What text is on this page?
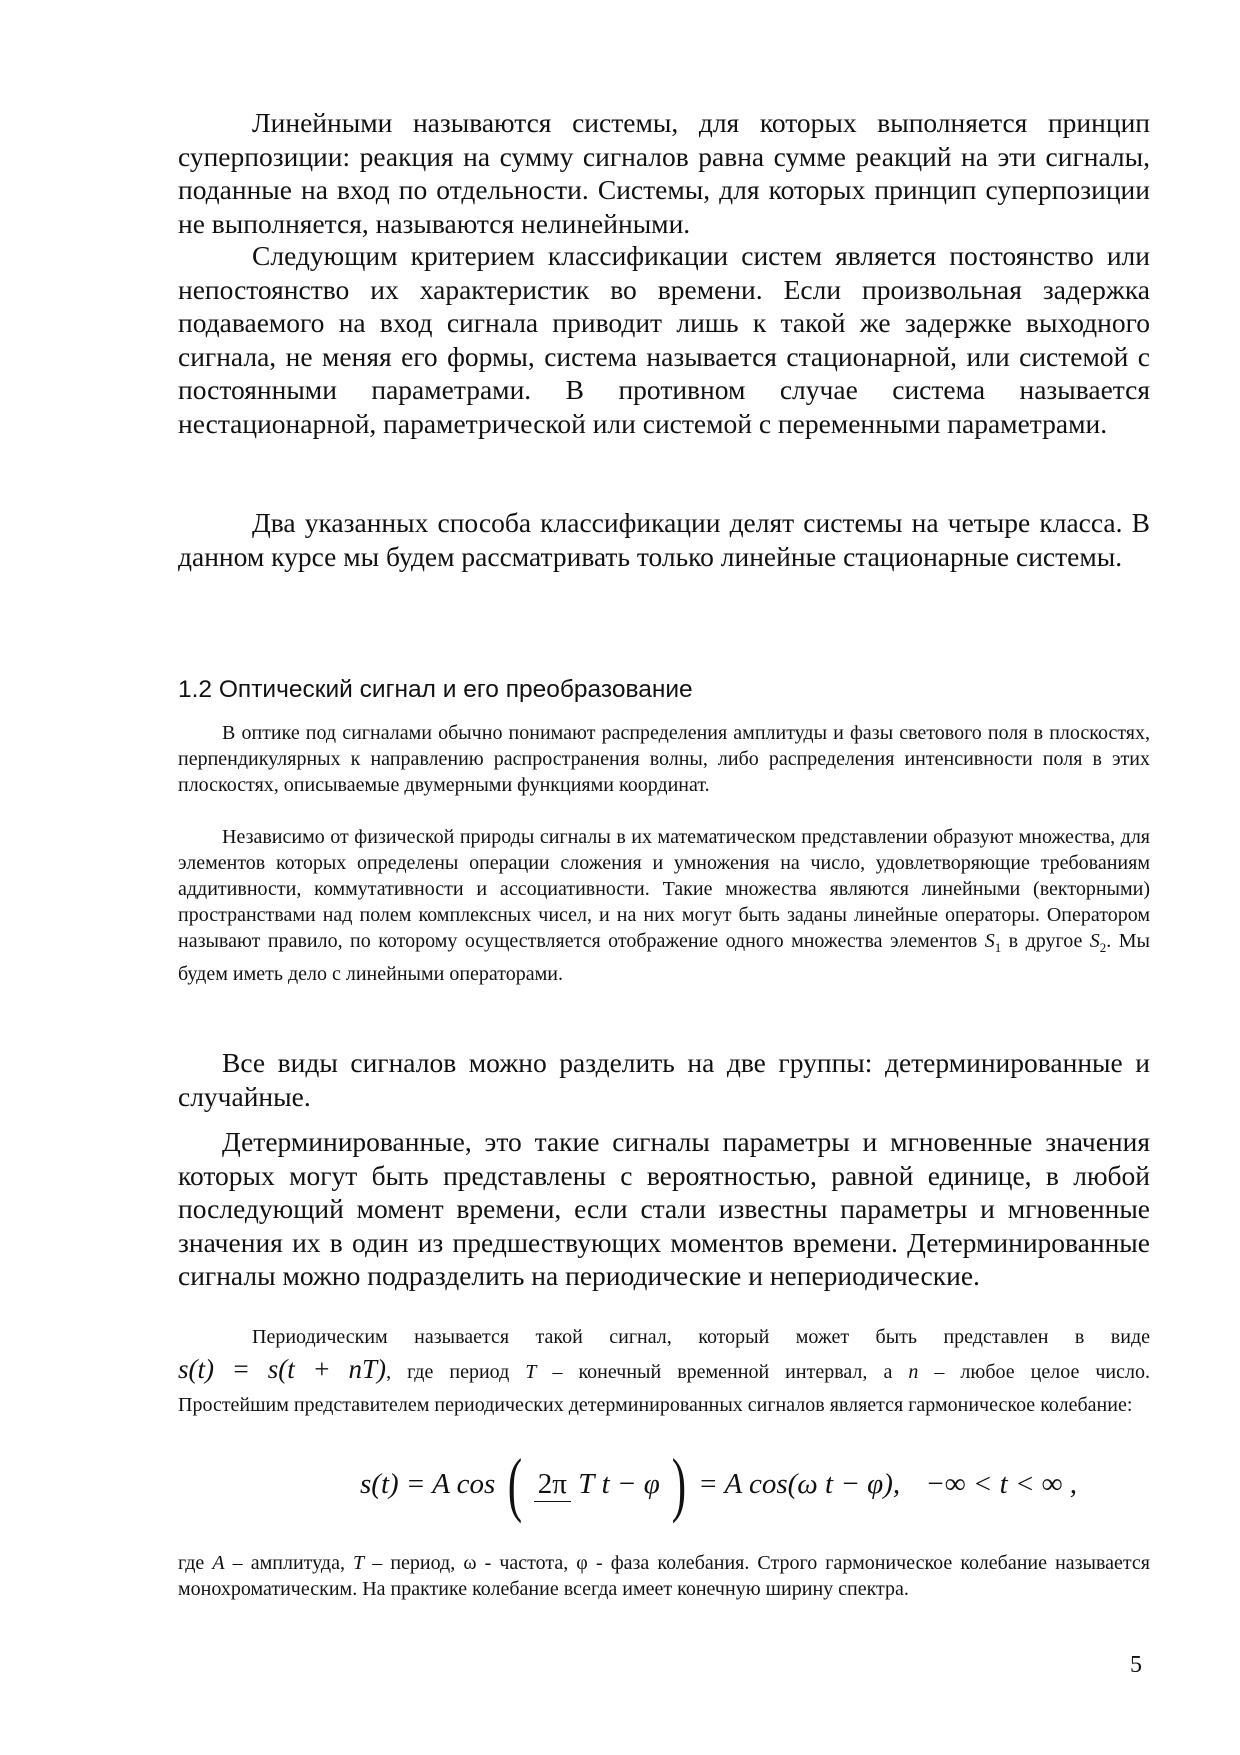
Линейными называются системы, для которых выполняется принцип суперпозиции: реакция на сумму сигналов равна сумме реакций на эти сигналы, поданные на вход по отдельности. Системы, для которых принцип суперпозиции не выполняется, называются нелинейными.

Следующим критерием классификации систем является постоянство или непостоянство их характеристик во времени. Если произвольная задержка подаваемого на вход сигнала приводит лишь к такой же задержке выходного сигнала, не меняя его формы, система называется стационарной, или системой с постоянными параметрами. В противном случае система называется нестационарной, параметрической или системой с переменными параметрами.

Два указанных способа классификации делят системы на четыре класса. В данном курсе мы будем рассматривать только линейные стационарные системы.

1.2 Оптический сигнал и его преобразование

В оптике под сигналами обычно понимают распределения амплитуды и фазы светового поля в плоскостях, перпендикулярных к направлению распространения волны, либо распределения интенсивности поля в этих плоскостях, описываемые двумерными функциями координат.

Независимо от физической природы сигналы в их математическом представлении образуют множества, для элементов которых определены операции сложения и умножения на число, удовлетворяющие требованиям аддитивности, коммутативности и ассоциативности. Такие множества являются линейными (векторными) пространствами над полем комплексных чисел, и на них могут быть заданы линейные операторы. Оператором называют правило, по которому осуществляется отображение одного множества элементов $S_1$ в другое $S_2$. Мы будем иметь дело с линейными операторами.

Все виды сигналов можно разделить на две группы: детерминированные и случайные.

Детерминированные, это такие сигналы параметры и мгновенные значения которых могут быть представлены с вероятностью, равной единице, в любой последующий момент времени, если стали известны параметры и мгновенные значения их в один из предшествующих моментов времени. Детерминированные сигналы можно подразделить на периодические и непериодические.

Периодическим называется такой сигнал, который может быть представлен в виде

s(t) = s(t + nT), где период T – конечный временной интервал, а n – любое целое число.

Простейшим представителем периодических детерминированных сигналов является гармоническое колебание:

s(t) = A cos ( 2π T t − φ ) = A cos(ω t − φ), −∞ < t < ∞ ,

где A – амплитуда, T – период, ω - частота, φ - фаза колебания. Строго гармоническое колебание называется монохроматическим. На практике колебание всегда имеет конечную ширину спектра.

5
